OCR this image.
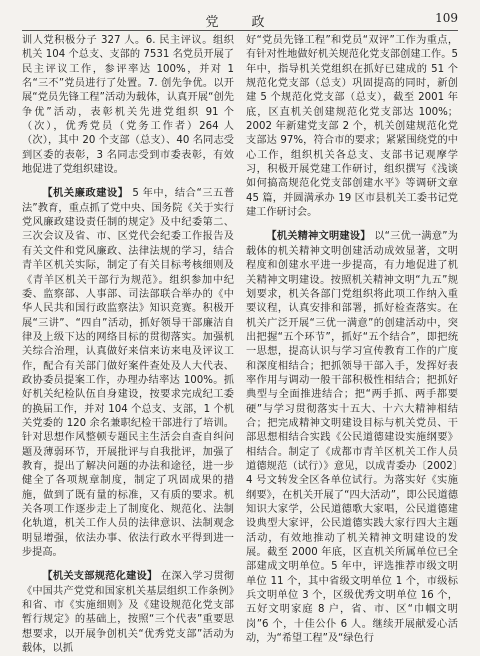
党　政	109

训人党积极分子 327 人。6. 民主评议。组织机关 104 个总支、支部的 7531 名党员开展了民主评议工作，参评率达 100%，并对 1 名“三不”党员进行了处置。7. 创先争优。以开展“党员先锋工程”活动为载体，认真开展“创先争优”活动，表彰机关先进党组织 91 个（次），优秀党员（党务工作者）264 人（次），其中 20 个支部（总支）、40 名同志受到区委的表彰，3 名同志受到市委表彰，有效地促进了党组织建设。

【机关廉政建设】 5 年中，结合“三五普法”教育，重点抓了党中央、国务院《关于实行党风廉政建设责任制的规定》及中纪委第二、三次会议及省、市、区党代会纪委工作报告及有关文件和党风廉政、法律法规的学习，结合青羊区机关实际，制定了有关目标考核细则及《青羊区机关干部行为规范》。组织参加中纪委、监察部、人事部、司法部联合举办的《中华人民共和国行政监察法》知识竞赛。积极开展“三讲”、“四自”活动，抓好领导干部廉洁自律及上级下达的网络目标的贯彻落实。加强机关综合治理，认真做好来信来访来电及评议工作，配合有关部门做好案件查处及人大代表、政协委员提案工作，办理办结率达 100%。抓好机关纪检队伍自身建设，按要求完成纪工委的换届工作，并对 104 个总支、支部，1 个机关党委的 120 余名兼职纪检干部进行了培训。针对思想作风整顿专题民主生活会自查自纠问题及薄弱环节，开展批评与自我批评，加强了教育，提出了解决问题的办法和途径，进一步健全了各项规章制度，制定了巩固成果的措施，做到了既有量的标准，又有质的要求。机关各项工作逐步走上了制度化、规范化、法制化轨道，机关工作人员的法律意识、法制观念明显增强，依法办事、依法行政水平得到进一步提高。

【机关支部规范化建设】 在深入学习贯彻《中国共产党党和国家机关基层组织工作条例》和省、市《实施细则》及《建设规范化党支部暂行规定》的基础上，按照“三个代表”重要思想要求，以开展争创机关“优秀党支部”活动为载体，以抓

好“党员先锋工程”和党员“双评”工作为重点，有针对性地做好机关规范化党支部创建工作。5 年中，指导机关党组织在抓好已建成的 51 个规范化党支部（总支）巩固提高的同时，新创建 5 个规范化党支部（总支），截至 2001 年底，区直机关创建规范化党支部达 100%；2002 年新建党支部 2 个，机关创建规范化党支部达 97%，符合市的要求；紧紧围绕党的中心工作，组织机关各总支、支部书记观摩学习，积极开展党建工作研讨，组织撰写《浅谈如何搞高规范化党支部创建水平》等调研文章 45 篇，并圆满承办 19 区市县机关工委书记党建工作研讨会。

【机关精神文明建设】 以“三优一满意”为载体的机关精神文明创建活动成效显著，文明程度和创建水平进一步提高，有力地促进了机关精神文明建设。按照机关精神文明“九五”规划要求，机关各部门党组织将此项工作纳入重要议程，认真安排和部署，抓好检查落实。在机关广泛开展“三优一满意”的创建活动中，突出把握“五个环节”，抓好“五个结合”，即把统一思想，提高认识与学习宣传教育工作的广度和深度相结合；把抓领导干部入手，发挥好表率作用与调动一般干部积极性相结合；把抓好典型与全面推进结合；把“两手抓、两手都要硬”与学习贯彻落实十五大、十六大精神相结合；把完成精神文明建设目标与机关党员、干部思想相结合实践《公民道德建设实施纲要》相结合。制定了《成都市青羊区机关工作人员道德规范（试行）》意见，以成青委办〔2002〕4 号文转发全区各单位试行。为落实好《实施纲要》，在机关开展了“四大活动”，即公民道德知识大家学，公民道德歌大家唱，公民道德建设典型大家评，公民道德实践大家行四大主题活动，有效地推动了机关精神文明建设的发展。截至 2000 年底，区直机关所属单位已全部建成文明单位。5 年中，评选推荐市级文明单位 11 个，其中省级文明单位 1 个，市级标兵文明单位 3 个，区级优秀文明单位 16 个，五好文明家庭 8 户，省、市、区“巾帼文明岗”6 个，十佳公仆 6 人。继续开展献爱心活动，为“希望工程”及“绿色行
